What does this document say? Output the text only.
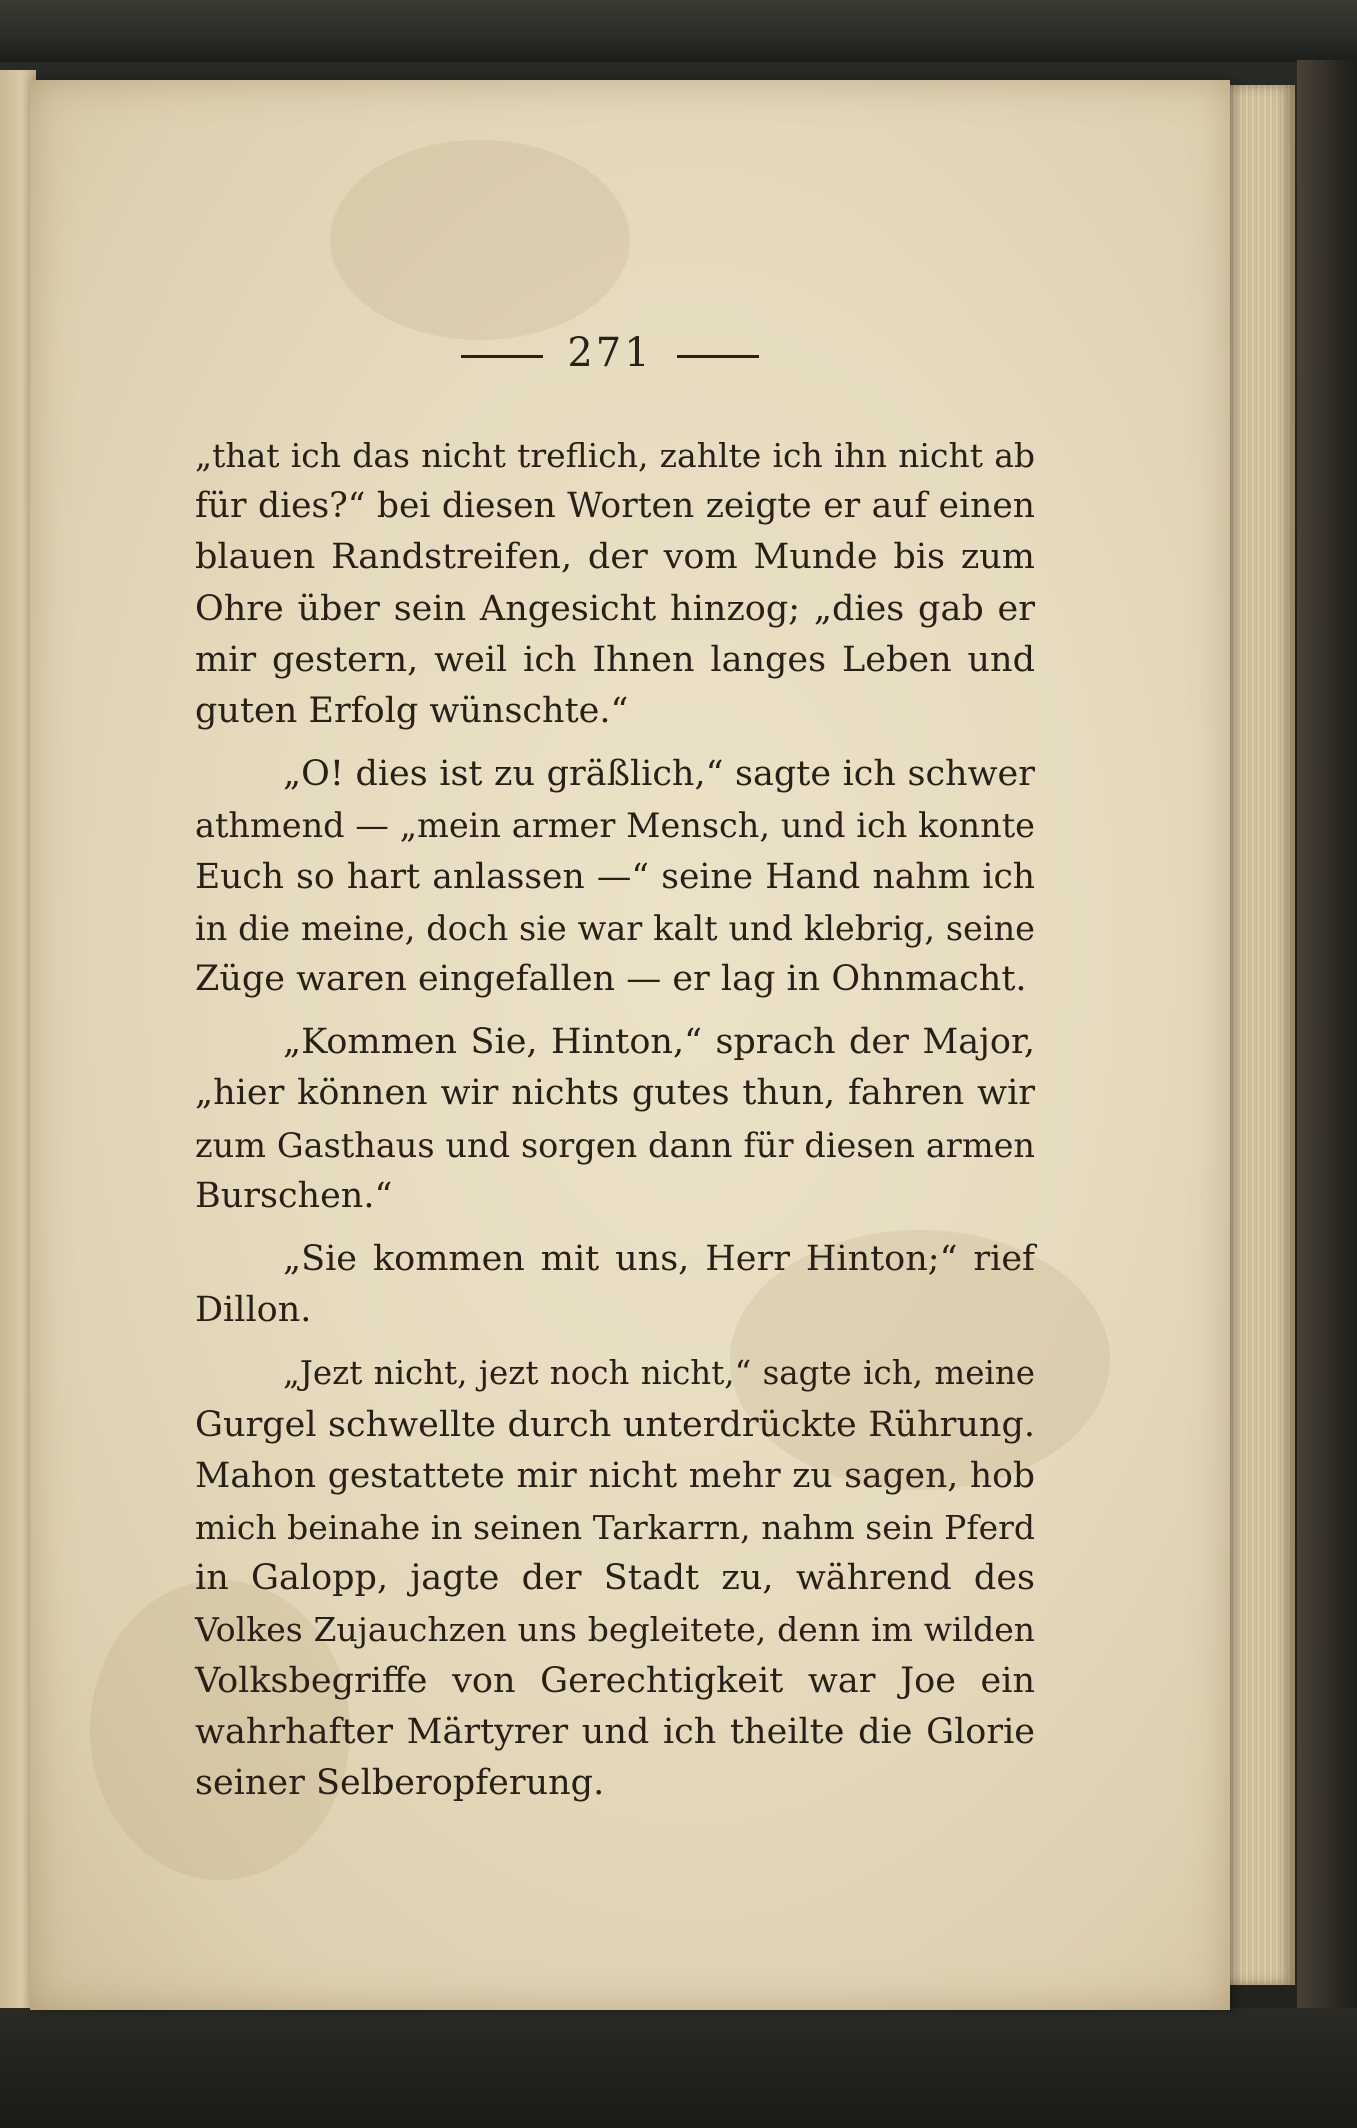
271
„that ich das nicht treflich, zahlte ich ihn nicht ab
für dies?“ bei diesen Worten zeigte er auf einen
blauen Randstreifen, der vom Munde bis zum
Ohre über sein Angesicht hinzog; „dies gab er
mir gestern, weil ich Ihnen langes Leben und
guten Erfolg wünschte.“
„O! dies ist zu gräßlich,“ sagte ich schwer
athmend — „mein armer Mensch, und ich konnte
Euch so hart anlassen —“ seine Hand nahm ich
in die meine, doch sie war kalt und klebrig, seine
Züge waren eingefallen — er lag in Ohnmacht.
„Kommen Sie, Hinton,“ sprach der Major,
„hier können wir nichts gutes thun, fahren wir
zum Gasthaus und sorgen dann für diesen armen
Burschen.“
„Sie kommen mit uns, Herr Hinton;“ rief
Dillon.
„Jezt nicht, jezt noch nicht,“ sagte ich, meine
Gurgel schwellte durch unterdrückte Rührung.
Mahon gestattete mir nicht mehr zu sagen, hob
mich beinahe in seinen Tarkarrn, nahm sein Pferd
in Galopp, jagte der Stadt zu, während des
Volkes Zujauchzen uns begleitete, denn im wilden
Volksbegriffe von Gerechtigkeit war Joe ein
wahrhafter Märtyrer und ich theilte die Glorie
seiner Selberopferung.
